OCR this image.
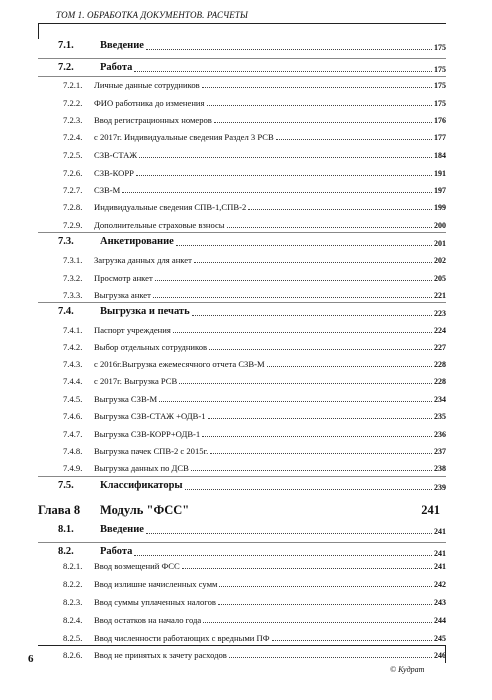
ТОМ 1. ОБРАБОТКА ДОКУМЕНТОВ. РАСЧЕТЫ
7.1.	Введение	175
7.2.	Работа	175
7.2.1.	Личные данные сотрудников	175
7.2.2.	ФИО работника до изменения	175
7.2.3.	Ввод регистрационных номеров	176
7.2.4.	с 2017г. Индивидуальные сведения Раздел 3 РСВ	177
7.2.5.	СЗВ-СТАЖ	184
7.2.6.	СЗВ-КОРР	191
7.2.7.	СЗВ-М	197
7.2.8.	Индивидуальные сведения СПВ-1,СПВ-2	199
7.2.9.	Дополнительные страховые взносы	200
7.3.	Анкетирование	201
7.3.1.	Загрузка данных для анкет	202
7.3.2.	Просмотр анкет	205
7.3.3.	Выгрузка анкет	221
7.4.	Выгрузка и печать	223
7.4.1.	Паспорт учреждения	224
7.4.2.	Выбор отдельных сотрудников	227
7.4.3.	с 2016г.Выгрузка ежемесячного отчета СЗВ-М	228
7.4.4.	с 2017г. Выгрузка РСВ	228
7.4.5.	Выгрузка СЗВ-М	234
7.4.6.	Выгрузка СЗВ-СТАЖ +ОДВ-1	235
7.4.7.	Выгрузка СЗВ-КОРР+ОДВ-1	236
7.4.8.	Выгрузка пачек СПВ-2 с 2015г.	237
7.4.9.	Выгрузка данных по ДСВ	238
7.5.	Классификаторы	239
Глава 8	Модуль "ФСС"	241
8.1.	Введение	241
8.2.	Работа	241
8.2.1.	Ввод возмещений ФСС	241
8.2.2.	Ввод излишне начисленных сумм	242
8.2.3.	Ввод суммы уплаченных налогов	243
8.2.4.	Ввод остатков на начало года	244
8.2.5.	Ввод численности работающих с вредными ПФ	245
8.2.6.	Ввод не принятых к зачету расходов	246
6
© Кудрат
